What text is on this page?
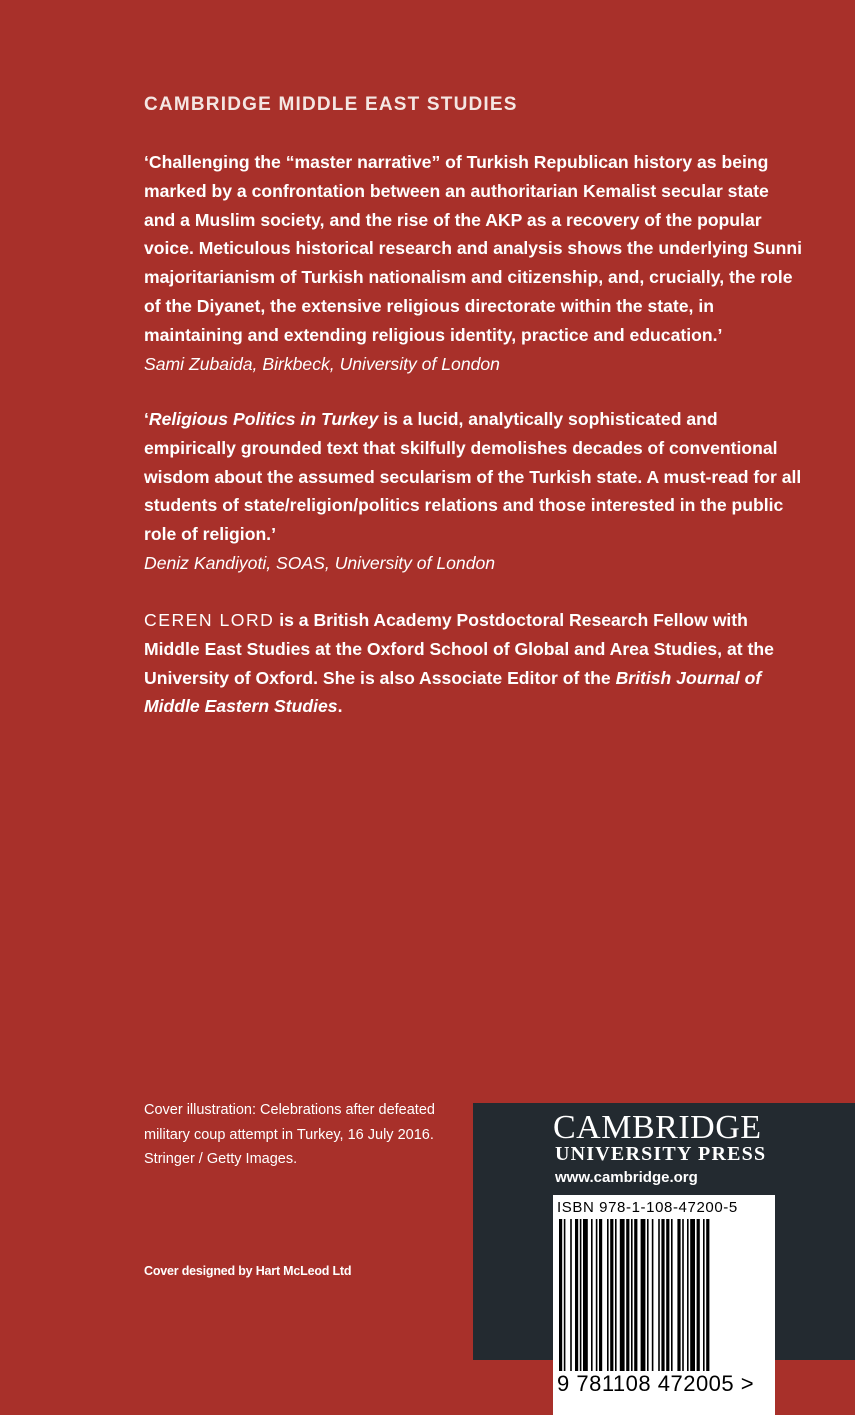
CAMBRIDGE MIDDLE EAST STUDIES
‘Challenging the “master narrative” of Turkish Republican history as being marked by a confrontation between an authoritarian Kemalist secular state and a Muslim society, and the rise of the AKP as a recovery of the popular voice. Meticulous historical research and analysis shows the underlying Sunni majoritarianism of Turkish nationalism and citizenship, and, crucially, the role of the Diyanet, the extensive religious directorate within the state, in maintaining and extending religious identity, practice and education.’
Sami Zubaida, Birkbeck, University of London
‘Religious Politics in Turkey is a lucid, analytically sophisticated and empirically grounded text that skilfully demolishes decades of conventional wisdom about the assumed secularism of the Turkish state. A must-read for all students of state/religion/politics relations and those interested in the public role of religion.’
Deniz Kandiyoti, SOAS, University of London
CEREN LORD is a British Academy Postdoctoral Research Fellow with Middle East Studies at the Oxford School of Global and Area Studies, at the University of Oxford. She is also Associate Editor of the British Journal of Middle Eastern Studies.
Cover illustration: Celebrations after defeated
military coup attempt in Turkey, 16 July 2016.
Stringer / Getty Images.
Cover designed by Hart McLeod Ltd
CAMBRIDGE
UNIVERSITY PRESS
www.cambridge.org
ISBN 978-1-108-47200-5
9 781108 472005 >
